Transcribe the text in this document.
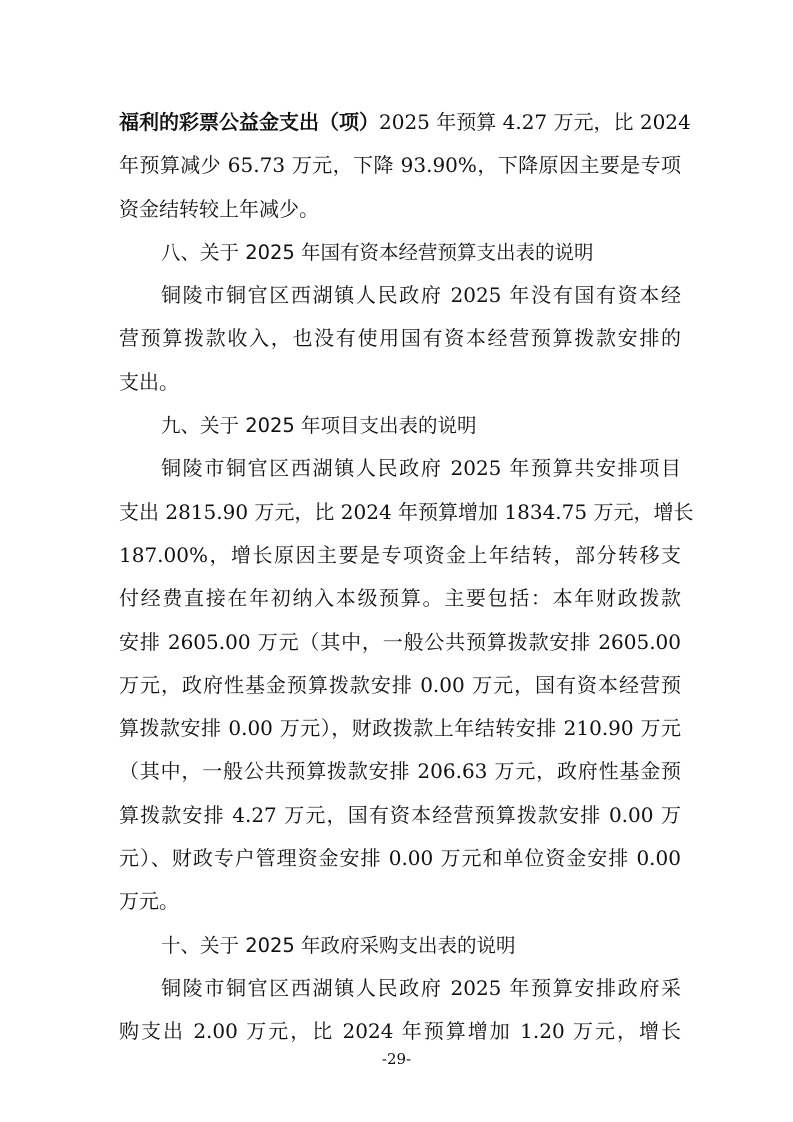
福利的彩票公益金支出（项）2025 年预算 4.27 万元，比 2024
年预算减少 65.73 万元，下降 93.90%，下降原因主要是专项
资金结转较上年减少。
八、关于 2025 年国有资本经营预算支出表的说明
铜陵市铜官区西湖镇人民政府 2025 年没有国有资本经
营预算拨款收入，也没有使用国有资本经营预算拨款安排的
支出。
九、关于 2025 年项目支出表的说明
铜陵市铜官区西湖镇人民政府 2025 年预算共安排项目
支出 2815.90 万元，比 2024 年预算增加 1834.75 万元，增长
187.00%，增长原因主要是专项资金上年结转，部分转移支
付经费直接在年初纳入本级预算。主要包括：本年财政拨款
安排 2605.00 万元（其中，一般公共预算拨款安排 2605.00
万元，政府性基金预算拨款安排 0.00 万元，国有资本经营预
算拨款安排 0.00 万元），财政拨款上年结转安排 210.90 万元
（其中，一般公共预算拨款安排 206.63 万元，政府性基金预
算拨款安排 4.27 万元，国有资本经营预算拨款安排 0.00 万
元）、财政专户管理资金安排 0.00 万元和单位资金安排 0.00
万元。
十、关于 2025 年政府采购支出表的说明
铜陵市铜官区西湖镇人民政府 2025 年预算安排政府采
购支出 2.00 万元，比 2024 年预算增加 1.20 万元，增长
-29-
